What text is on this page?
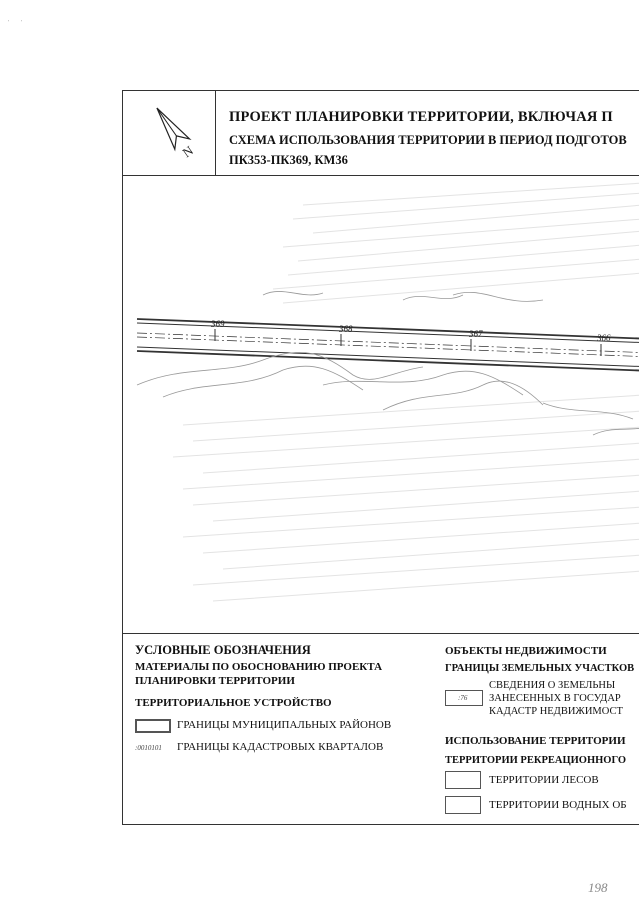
'        '
N
ПРОЕКТ ПЛАНИРОВКИ ТЕРРИТОРИИ, ВКЛЮЧАЯ П
СХЕМА ИСПОЛЬЗОВАНИЯ ТЕРРИТОРИИ В ПЕРИОД ПОДГОТОВ
ПК353-ПК369, КМ36
369	368	367	366
УСЛОВНЫЕ ОБОЗНАЧЕНИЯ
МАТЕРИАЛЫ ПО ОБОСНОВАНИЮ ПРОЕКТА
ПЛАНИРОВКИ ТЕРРИТОРИИ
ТЕРРИТОРИАЛЬНОЕ УСТРОЙСТВО
ГРАНИЦЫ МУНИЦИПАЛЬНЫХ РАЙОНОВ
:0010101 ГРАНИЦЫ КАДАСТРОВЫХ КВАРТАЛОВ
ОБЪЕКТЫ НЕДВИЖИМОСТИ
ГРАНИЦЫ ЗЕМЕЛЬНЫХ УЧАСТКОВ
:76
СВЕДЕНИЯ О ЗЕМЕЛЬНЫ
ЗАНЕСЕННЫХ В ГОСУДАР
КАДАСТР НЕДВИЖИМОСТ
ИСПОЛЬЗОВАНИЕ ТЕРРИТОРИИ
ТЕРРИТОРИИ РЕКРЕАЦИОННОГО
ТЕРРИТОРИИ ЛЕСОВ
ТЕРРИТОРИИ ВОДНЫХ ОБ
198
